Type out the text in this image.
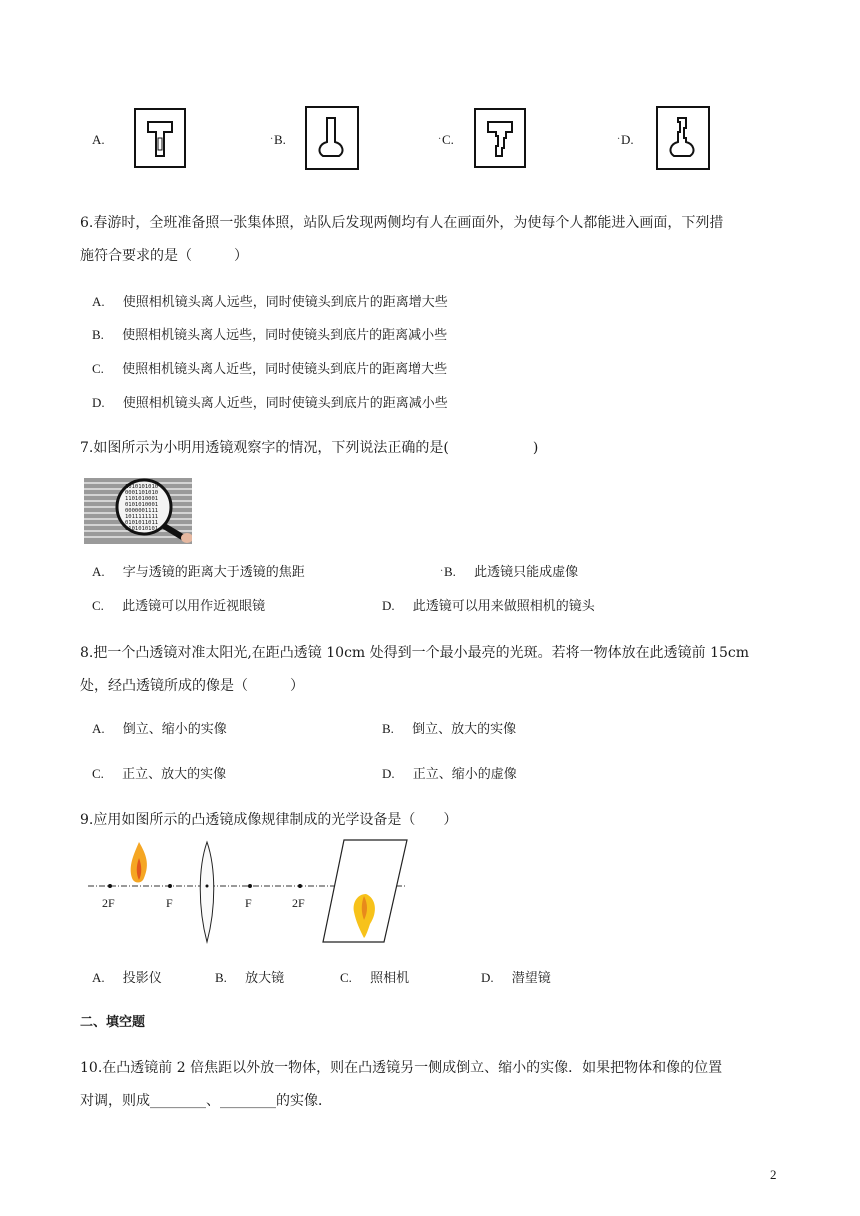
A.	· B.	· C.	· D.
6.春游时，全班准备照一张集体照，站队后发现两侧均有人在画面外，为使每个人都能进入画面，下列措
施符合要求的是（　　　）
A. 使照相机镜头离人远些，同时使镜头到底片的距离增大些
B. 使照相机镜头离人远些，同时使镜头到底片的距离减小些
C. 使照相机镜头离人近些，同时使镜头到底片的距离增大些
D. 使照相机镜头离人近些，同时使镜头到底片的距离减小些
7.如图所示为小明用透镜观察字的情况，下列说法正确的是(　　　　　　)
1010101010
0001101010
1101010001
0101010001
0000001111
1011111111
0101011011
0101010101
A. 字与透镜的距离大于透镜的焦距	· B. 此透镜只能成虚像
C. 此透镜可以用作近视眼镜	D. 此透镜可以用来做照相机的镜头
8.把一个凸透镜对准太阳光,在距凸透镜 10cm 处得到一个最小最亮的光斑。若将一物体放在此透镜前 15cm
处，经凸透镜所成的像是（　　　）
A. 倒立、缩小的实像	B. 倒立、放大的实像
C. 正立、放大的实像	D. 正立、缩小的虚像
9.应用如图所示的凸透镜成像规律制成的光学设备是（　　）
2F	F	F	2F
A. 投影仪	B. 放大镜	C. 照相机	D. 潜望镜
二、填空题
10.在凸透镜前 2 倍焦距以外放一物体，则在凸透镜另一侧成倒立、缩小的实像．如果把物体和像的位置
对调，则成________、________的实像．
2
